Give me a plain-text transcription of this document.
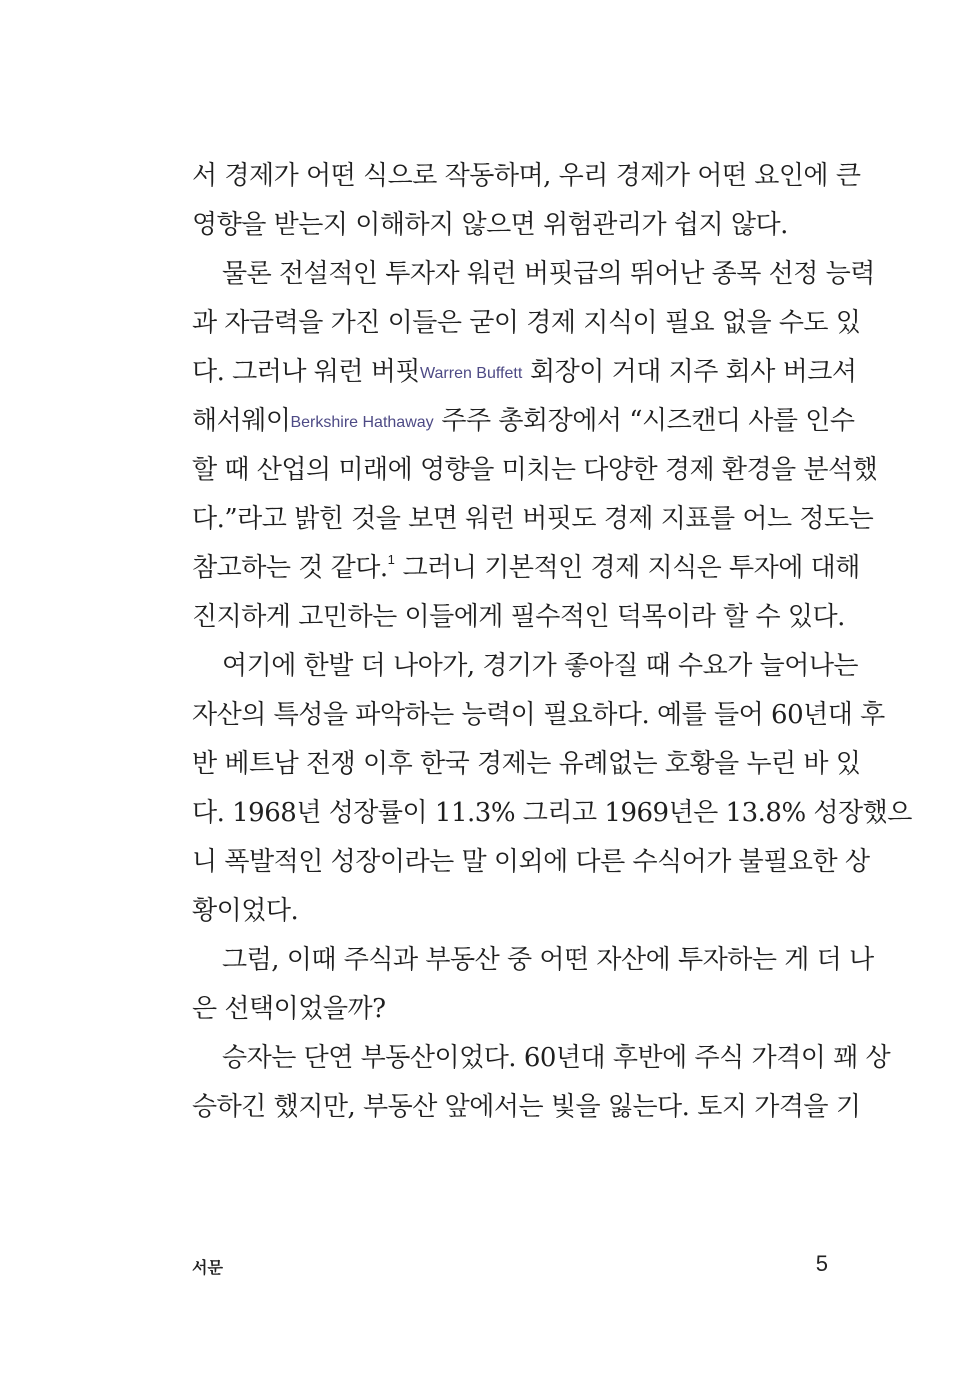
서 경제가 어떤 식으로 작동하며, 우리 경제가 어떤 요인에 큰
영향을 받는지 이해하지 않으면 위험관리가 쉽지 않다.
물론 전설적인 투자자 워런 버핏급의 뛰어난 종목 선정 능력
과 자금력을 가진 이들은 굳이 경제 지식이 필요 없을 수도 있
다. 그러나 워런 버핏Warren Buffett 회장이 거대 지주 회사 버크셔
해서웨이Berkshire Hathaway 주주 총회장에서 “시즈캔디 사를 인수
할 때 산업의 미래에 영향을 미치는 다양한 경제 환경을 분석했
다.”라고 밝힌 것을 보면 워런 버핏도 경제 지표를 어느 정도는
참고하는 것 같다.$^1$ 그러니 기본적인 경제 지식은 투자에 대해
진지하게 고민하는 이들에게 필수적인 덕목이라 할 수 있다.
여기에 한발 더 나아가, 경기가 좋아질 때 수요가 늘어나는
자산의 특성을 파악하는 능력이 필요하다. 예를 들어 60년대 후
반 베트남 전쟁 이후 한국 경제는 유례없는 호황을 누린 바 있
다. 1968년 성장률이 11.3% 그리고 1969년은 13.8% 성장했으
니 폭발적인 성장이라는 말 이외에 다른 수식어가 불필요한 상
황이었다.
그럼, 이때 주식과 부동산 중 어떤 자산에 투자하는 게 더 나
은 선택이었을까?
승자는 단연 부동산이었다. 60년대 후반에 주식 가격이 꽤 상
승하긴 했지만, 부동산 앞에서는 빛을 잃는다. 토지 가격을 기
서문	5
